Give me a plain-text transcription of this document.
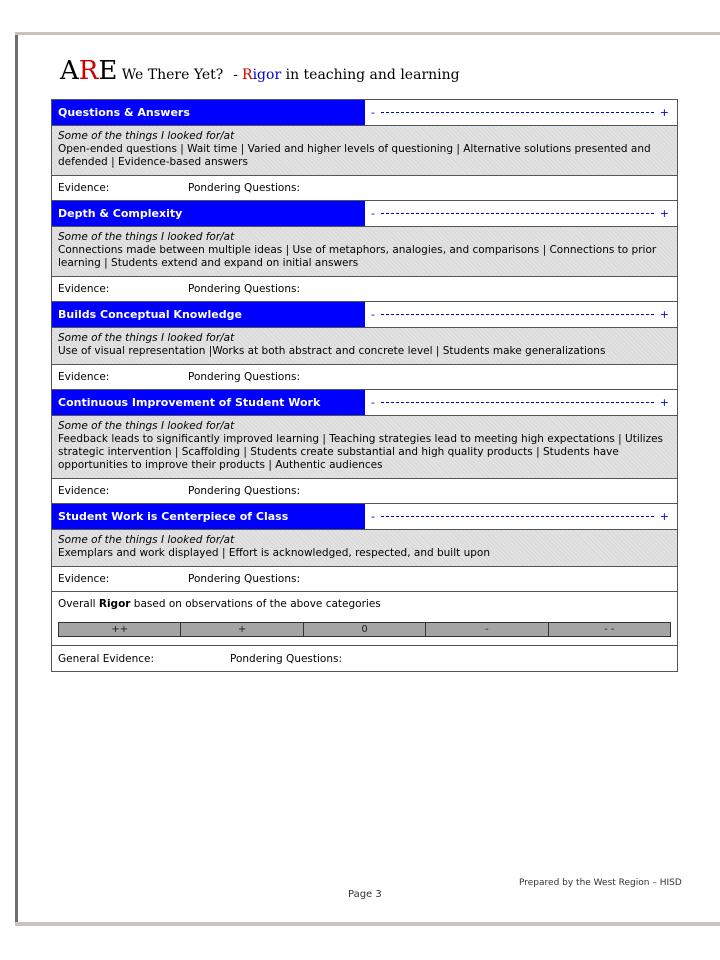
ARE We There Yet? - Rigor in teaching and learning
Questions & Answers	-	+
Some of the things I looked for/at
Open-ended questions | Wait time | Varied and higher levels of questioning | Alternative solutions presented and defended | Evidence-based answers
Evidence:	Pondering Questions:
Depth & Complexity	-	+
Some of the things I looked for/at
Connections made between multiple ideas | Use of metaphors, analogies, and comparisons | Connections to prior learning | Students extend and expand on initial answers
Evidence:	Pondering Questions:
Builds Conceptual Knowledge	-	+
Some of the things I looked for/at
Use of visual representation |Works at both abstract and concrete level | Students make generalizations
Evidence:	Pondering Questions:
Continuous Improvement of Student Work	-	+
Some of the things I looked for/at
Feedback leads to significantly improved learning | Teaching strategies lead to meeting high expectations | Utilizes strategic intervention | Scaffolding | Students create substantial and high quality products | Students have opportunities to improve their products | Authentic audiences
Evidence:	Pondering Questions:
Student Work is Centerpiece of Class	-	+
Some of the things I looked for/at
Exemplars and work displayed | Effort is acknowledged, respected, and built upon
Evidence:	Pondering Questions:
Overall Rigor based on observations of the above categories
++	+	0	-	- -
General Evidence:	Pondering Questions:
Prepared by the West Region – HISD
Page 3
